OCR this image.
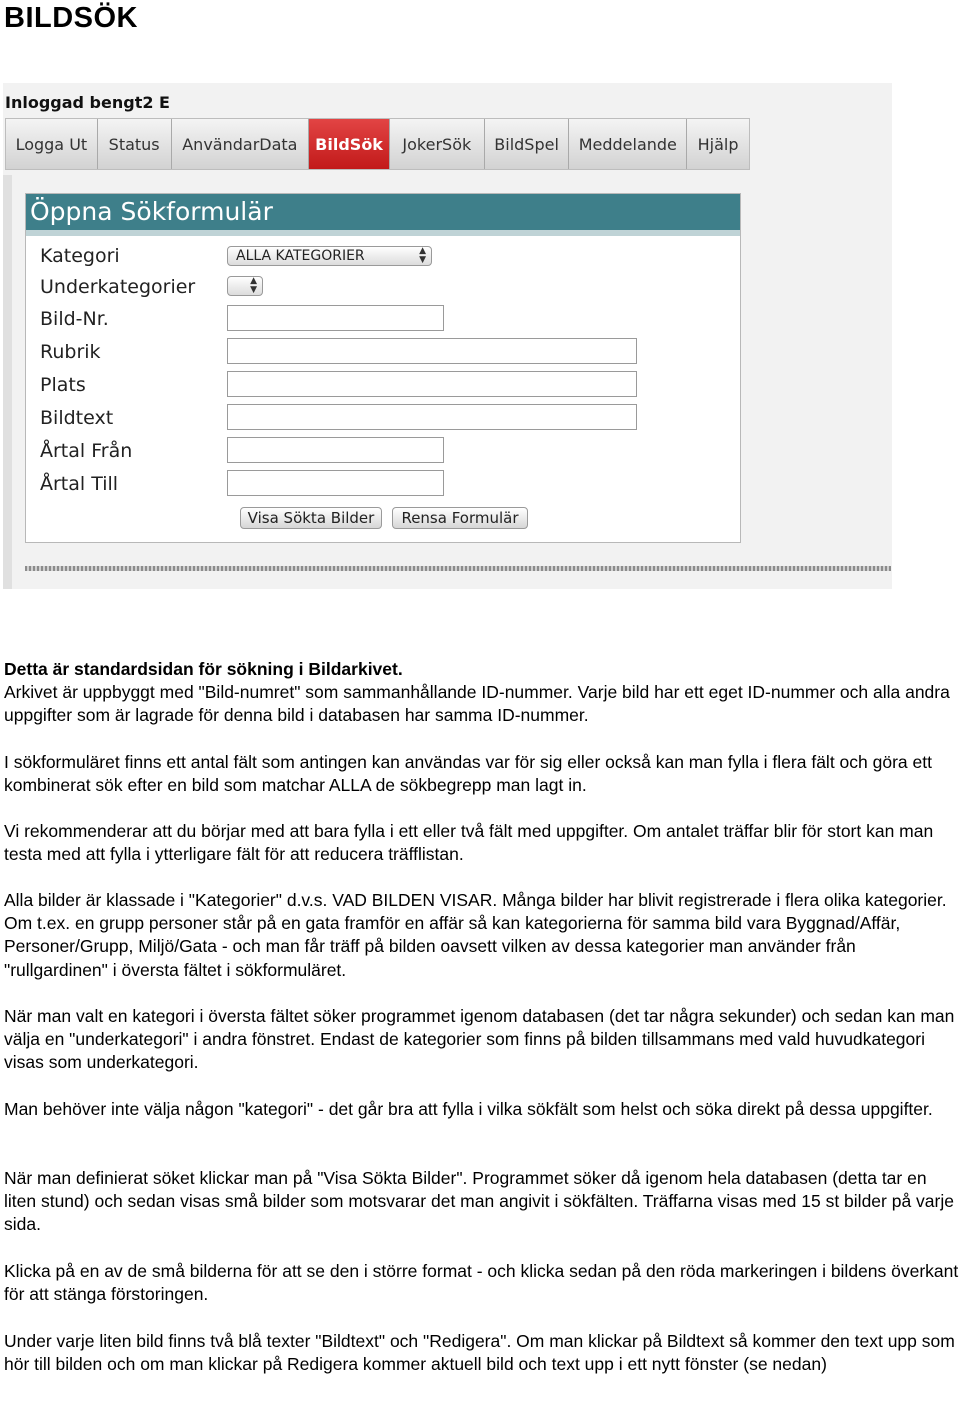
BILDSÖK
Inloggad bengt2 E
Logga Ut	Status	AnvändarData	BildSök	JokerSök	BildSpel	Meddelande	Hjälp
Öppna Sökformulär
Kategori	ALLA KATEGORIER	▲
▼
Underkategorier	▲
▼
Bild-Nr.
Rubrik
Plats
Bildtext
Årtal Från
Årtal Till
Visa Sökta Bilder	Rensa Formulär

Detta är standardsidan för sökning i Bildarkivet.

Arkivet är uppbyggt med "Bild-numret" som sammanhållande ID-nummer. Varje bild har ett eget ID-nummer och alla andra uppgifter som är lagrade för denna bild i databasen har samma ID-nummer.

I sökformuläret finns ett antal fält som antingen kan användas var för sig eller också kan man fylla i flera fält och göra ett kombinerat sök efter en bild som matchar ALLA de sökbegrepp man lagt in.
Vi rekommenderar att du börjar med att bara fylla i ett eller två fält med uppgifter. Om antalet träffar blir för stort kan man testa med att fylla i ytterligare fält för att reducera träfflistan.
Alla bilder är klassade i "Kategorier" d.v.s. VAD BILDEN VISAR. Många bilder har blivit registrerade i flera olika kategorier. Om t.ex. en grupp personer står på en gata framför en affär så kan kategorierna för samma bild vara Byggnad/Affär, Personer/Grupp, Miljö/Gata - och man får träff på bilden oavsett vilken av dessa kategorier man använder från "rullgardinen" i översta fältet i sökformuläret.
När man valt en kategori i översta fältet söker programmet igenom databasen (det tar några sekunder) och sedan kan man välja en "underkategori" i andra fönstret. Endast de kategorier som finns på bilden tillsammans med vald huvudkategori visas som underkategori.
Man behöver inte välja någon "kategori" - det går bra att fylla i vilka sökfält som helst och söka direkt på dessa uppgifter.
När man definierat söket klickar man på "Visa Sökta Bilder". Programmet söker då igenom hela databasen (detta tar en liten stund) och sedan visas små bilder som motsvarar det man angivit i sökfälten. Träffarna visas med 15 st bilder på varje sida.
Klicka på en av de små bilderna för att se den i större format - och klicka sedan på den röda markeringen i bildens överkant för att stänga förstoringen.
Under varje liten bild finns två blå texter "Bildtext" och "Redigera". Om man klickar på Bildtext så kommer den text upp som hör till bilden och om man klickar på Redigera kommer aktuell bild och text upp i ett nytt fönster (se nedan)
